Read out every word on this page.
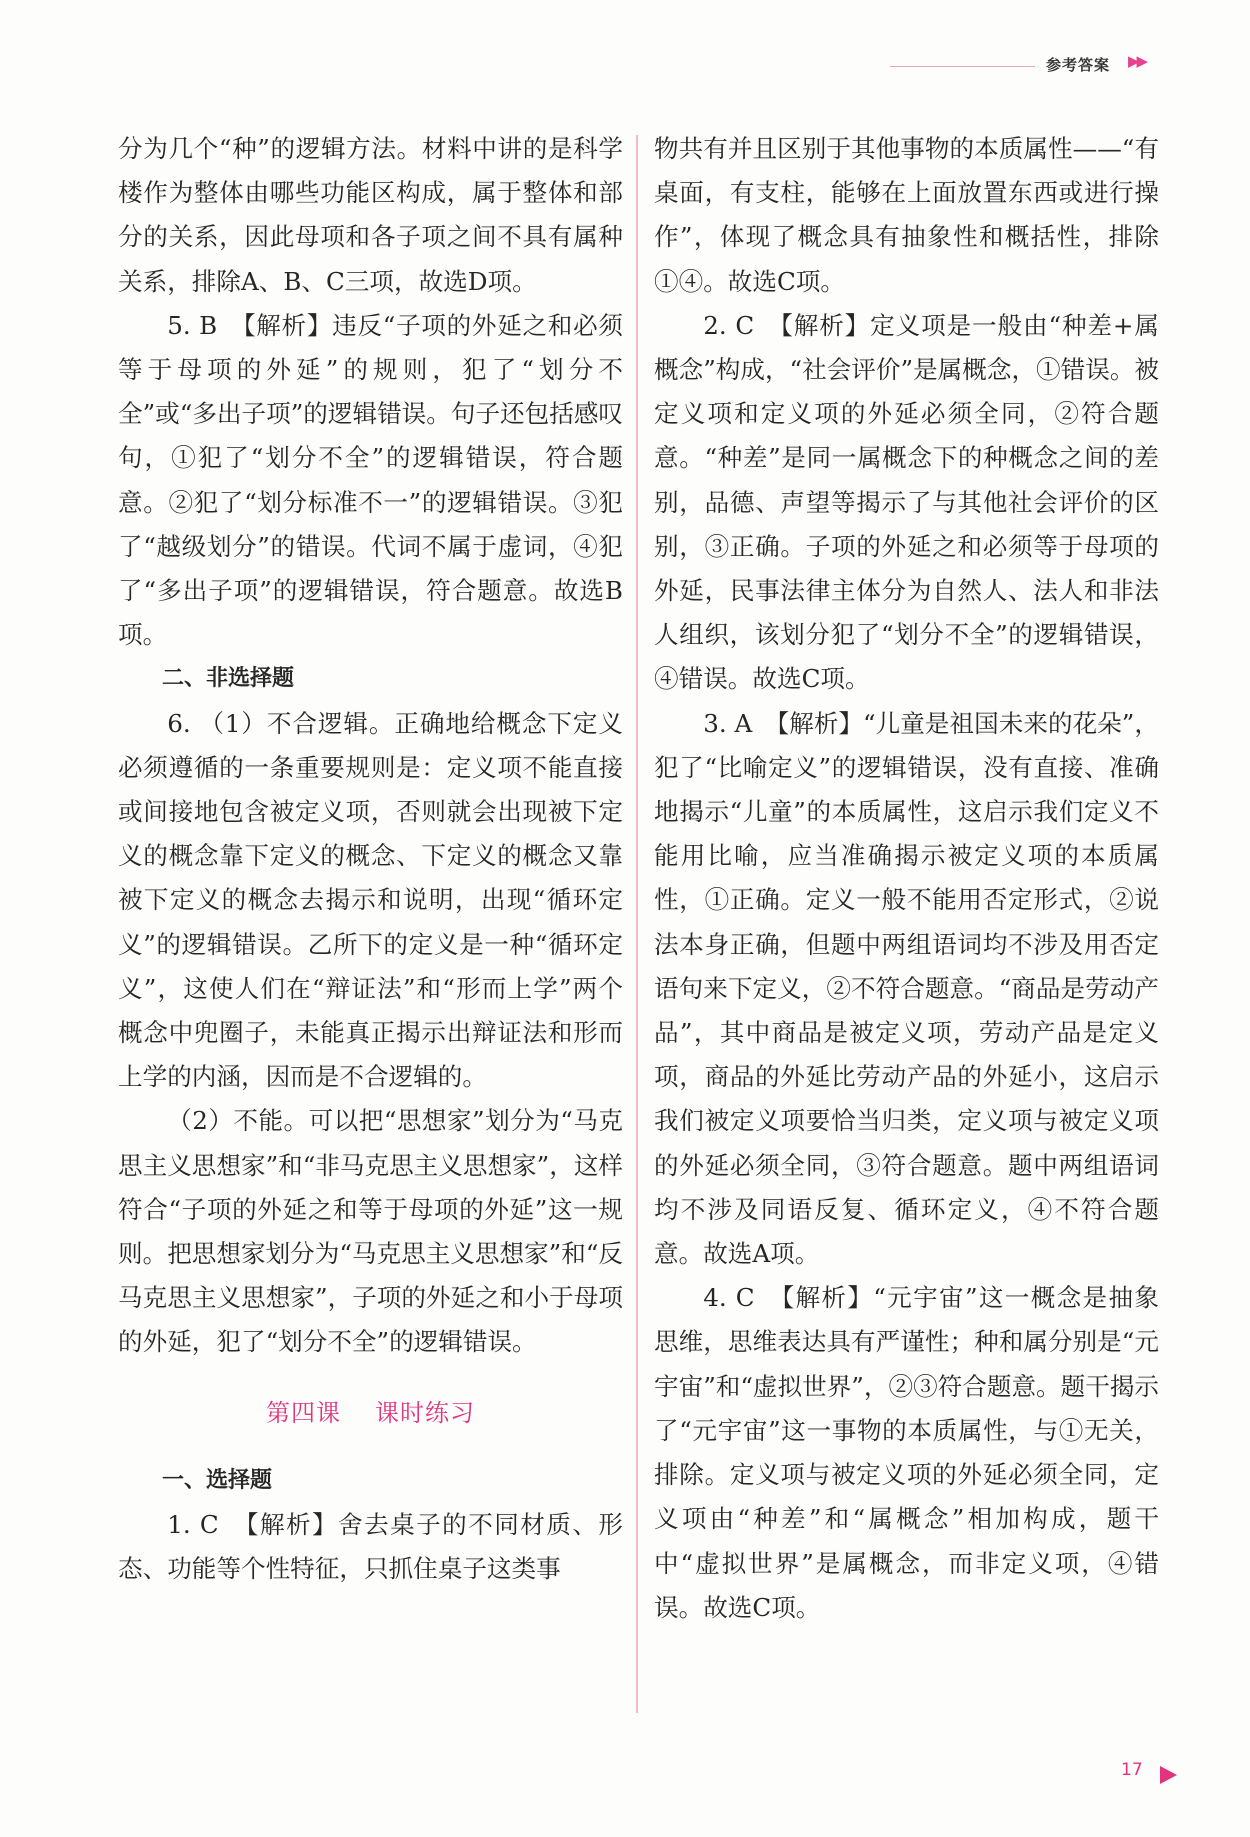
参考答案 ▶▶

分为几个“种”的逻辑方法。材料中讲的是科学楼作为整体由哪些功能区构成，属于整体和部分的关系，因此母项和各子项之间不具有属种关系，排除A、B、C三项，故选D项。

5. B　【解析】违反“子项的外延之和必须等于母项的外延”的规则，犯了“划分不全”或“多出子项”的逻辑错误。句子还包括感叹句，①犯了“划分不全”的逻辑错误，符合题意。②犯了“划分标准不一”的逻辑错误。③犯了“越级划分”的错误。代词不属于虚词，④犯了“多出子项”的逻辑错误，符合题意。故选B项。

二、非选择题

6. （1）不合逻辑。正确地给概念下定义必须遵循的一条重要规则是：定义项不能直接或间接地包含被定义项，否则就会出现被下定义的概念靠下定义的概念、下定义的概念又靠被下定义的概念去揭示和说明，出现“循环定义”的逻辑错误。乙所下的定义是一种“循环定义”，这使人们在“辩证法”和“形而上学”两个概念中兜圈子，未能真正揭示出辩证法和形而上学的内涵，因而是不合逻辑的。

（2）不能。可以把“思想家”划分为“马克思主义思想家”和“非马克思主义思想家”，这样符合“子项的外延之和等于母项的外延”这一规则。把思想家划分为“马克思主义思想家”和“反马克思主义思想家”，子项的外延之和小于母项的外延，犯了“划分不全”的逻辑错误。

第四课 课时练习

一、选择题

1. C　【解析】舍去桌子的不同材质、形态、功能等个性特征，只抓住桌子这类事

物共有并且区别于其他事物的本质属性——“有桌面，有支柱，能够在上面放置东西或进行操作”，体现了概念具有抽象性和概括性，排除①④。故选C项。

2. C　【解析】定义项是一般由“种差+属概念”构成，“社会评价”是属概念，①错误。被定义项和定义项的外延必须全同，②符合题意。“种差”是同一属概念下的种概念之间的差别，品德、声望等揭示了与其他社会评价的区别，③正确。子项的外延之和必须等于母项的外延，民事法律主体分为自然人、法人和非法人组织，该划分犯了“划分不全”的逻辑错误，④错误。故选C项。

3. A　【解析】“儿童是祖国未来的花朵”，犯了“比喻定义”的逻辑错误，没有直接、准确地揭示“儿童”的本质属性，这启示我们定义不能用比喻，应当准确揭示被定义项的本质属性，①正确。定义一般不能用否定形式，②说法本身正确，但题中两组语词均不涉及用否定语句来下定义，②不符合题意。“商品是劳动产品”，其中商品是被定义项，劳动产品是定义项，商品的外延比劳动产品的外延小，这启示我们被定义项要恰当归类，定义项与被定义项的外延必须全同，③符合题意。题中两组语词均不涉及同语反复、循环定义，④不符合题意。故选A项。

4. C　【解析】“元宇宙”这一概念是抽象思维，思维表达具有严谨性；种和属分别是“元宇宙”和“虚拟世界”，②③符合题意。题干揭示了“元宇宙”这一事物的本质属性，与①无关，排除。定义项与被定义项的外延必须全同，定义项由“种差”和“属概念”相加构成，题干中“虚拟世界”是属概念，而非定义项，④错误。故选C项。

17
